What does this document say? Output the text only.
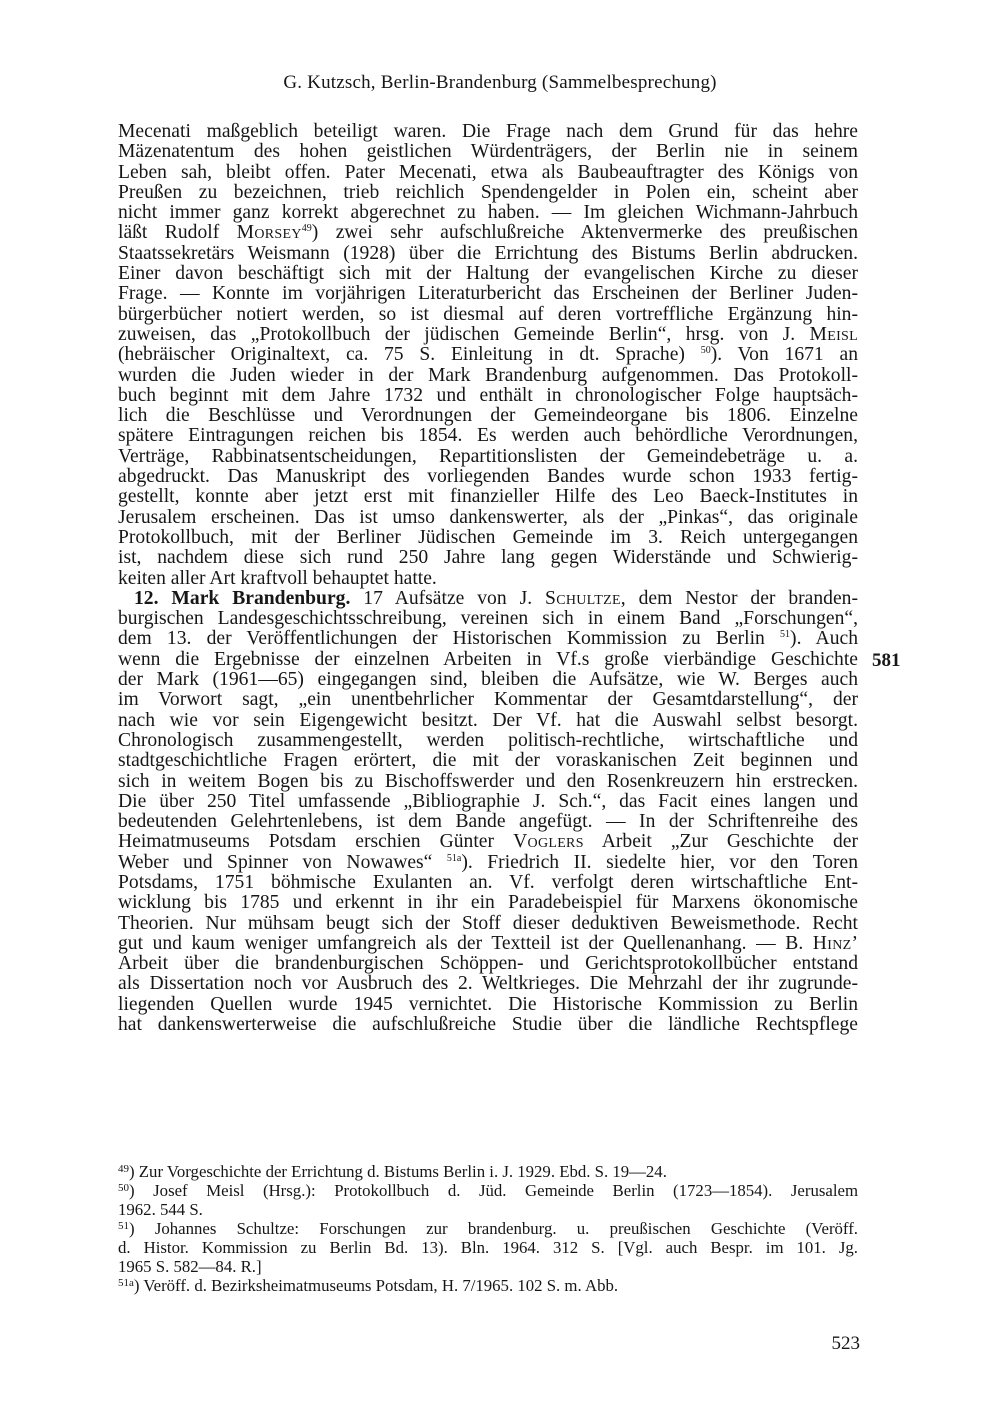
G. Kutzsch, Berlin-Brandenburg (Sammelbesprechung)
Mecenati maßgeblich beteiligt waren. Die Frage nach dem Grund für das hehre
Mäzenatentum des hohen geistlichen Würdenträgers, der Berlin nie in seinem
Leben sah, bleibt offen. Pater Mecenati, etwa als Baubeauftragter des Königs von
Preußen zu bezeichnen, trieb reichlich Spendengelder in Polen ein, scheint aber
nicht immer ganz korrekt abgerechnet zu haben. — Im gleichen Wichmann-Jahrbuch
läßt Rudolf Morsey$^{49}$) zwei sehr aufschlußreiche Aktenvermerke des preußischen
Staatssekretärs Weismann (1928) über die Errichtung des Bistums Berlin abdrucken.
Einer davon beschäftigt sich mit der Haltung der evangelischen Kirche zu dieser
Frage. — Konnte im vorjährigen Literaturbericht das Erscheinen der Berliner Juden-
bürgerbücher notiert werden, so ist diesmal auf deren vortreffliche Ergänzung hin-
zuweisen, das „Protokollbuch der jüdischen Gemeinde Berlin“, hrsg. von J. Meisl
(hebräischer Originaltext, ca. 75 S. Einleitung in dt. Sprache) $^{50}$). Von 1671 an
wurden die Juden wieder in der Mark Brandenburg aufgenommen. Das Protokoll-
buch beginnt mit dem Jahre 1732 und enthält in chronologischer Folge hauptsäch-
lich die Beschlüsse und Verordnungen der Gemeindeorgane bis 1806. Einzelne
spätere Eintragungen reichen bis 1854. Es werden auch behördliche Verordnungen,
Verträge, Rabbinatsentscheidungen, Repartitionslisten der Gemeindebeträge u. a.
abgedruckt. Das Manuskript des vorliegenden Bandes wurde schon 1933 fertig-
gestellt, konnte aber jetzt erst mit finanzieller Hilfe des Leo Baeck-Institutes in
Jerusalem erscheinen. Das ist umso dankenswerter, als der „Pinkas“, das originale
Protokollbuch, mit der Berliner Jüdischen Gemeinde im 3. Reich untergegangen
ist, nachdem diese sich rund 250 Jahre lang gegen Widerstände und Schwierig-
keiten aller Art kraftvoll behauptet hatte.
12. Mark Brandenburg. 17 Aufsätze von J. Schultze, dem Nestor der branden-
burgischen Landesgeschichtsschreibung, vereinen sich in einem Band „Forschungen“,
dem 13. der Veröffentlichungen der Historischen Kommission zu Berlin $^{51}$). Auch
wenn die Ergebnisse der einzelnen Arbeiten in Vf.s große vierbändige Geschichte
der Mark (1961—65) eingegangen sind, bleiben die Aufsätze, wie W. Berges auch
im Vorwort sagt, „ein unentbehrlicher Kommentar der Gesamtdarstellung“, der
nach wie vor sein Eigengewicht besitzt. Der Vf. hat die Auswahl selbst besorgt.
Chronologisch zusammengestellt, werden politisch-rechtliche, wirtschaftliche und
stadtgeschichtliche Fragen erörtert, die mit der voraskanischen Zeit beginnen und
sich in weitem Bogen bis zu Bischoffswerder und den Rosenkreuzern hin erstrecken.
Die über 250 Titel umfassende „Bibliographie J. Sch.“, das Facit eines langen und
bedeutenden Gelehrtenlebens, ist dem Bande angefügt. — In der Schriftenreihe des
Heimatmuseums Potsdam erschien Günter Voglers Arbeit „Zur Geschichte der
Weber und Spinner von Nowawes“ $^{51a}$). Friedrich II. siedelte hier, vor den Toren
Potsdams, 1751 böhmische Exulanten an. Vf. verfolgt deren wirtschaftliche Ent-
wicklung bis 1785 und erkennt in ihr ein Paradebeispiel für Marxens ökonomische
Theorien. Nur mühsam beugt sich der Stoff dieser deduktiven Beweismethode. Recht
gut und kaum weniger umfangreich als der Textteil ist der Quellenanhang. — B. Hinz’
Arbeit über die brandenburgischen Schöppen- und Gerichtsprotokollbücher entstand
als Dissertation noch vor Ausbruch des 2. Weltkrieges. Die Mehrzahl der ihr zugrunde-
liegenden Quellen wurde 1945 vernichtet. Die Historische Kommission zu Berlin
hat dankenswerterweise die aufschlußreiche Studie über die ländliche Rechtspflege
581
$^{49}$) Zur Vorgeschichte der Errichtung d. Bistums Berlin i. J. 1929. Ebd. S. 19—24.
$^{50}$) Josef Meisl (Hrsg.): Protokollbuch d. Jüd. Gemeinde Berlin (1723—1854). Jerusalem
1962. 544 S.
$^{51}$) Johannes Schultze: Forschungen zur brandenburg. u. preußischen Geschichte (Veröff.
d. Histor. Kommission zu Berlin Bd. 13). Bln. 1964. 312 S. [Vgl. auch Bespr. im 101. Jg.
1965 S. 582—84. R.]
$^{51a}$) Veröff. d. Bezirksheimatmuseums Potsdam, H. 7/1965. 102 S. m. Abb.
523
